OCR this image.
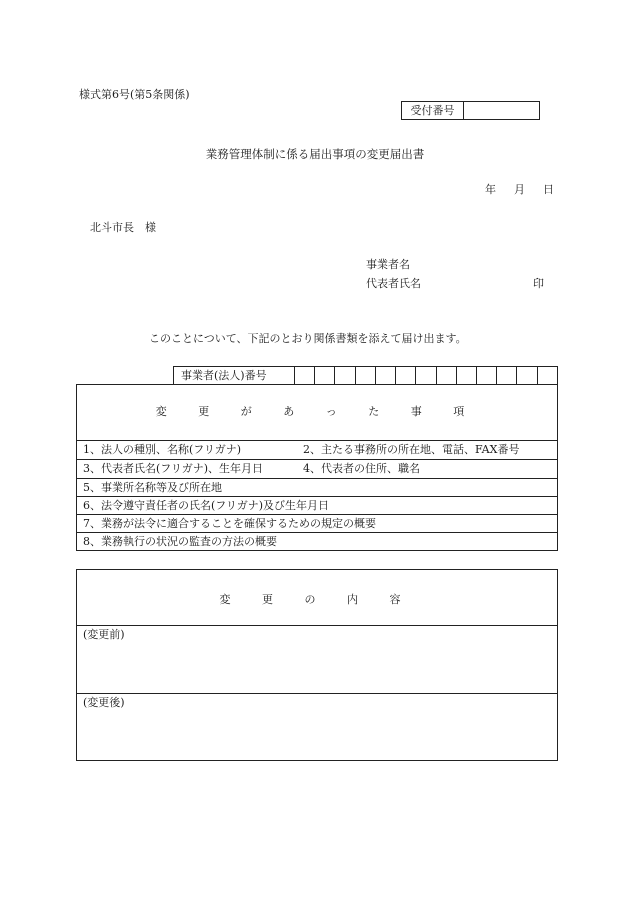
様式第6号(第5条関係)
受付番号
業務管理体制に係る届出事項の変更届出書
年 月 日
北斗市長　様
事業者名
代表者氏名	印
このことについて、下記のとおり関係書類を添えて届け出ます。
事業者(法人)番号
変 更 が あ っ た 事 項
1、法人の種別、名称(フリガナ)	2、主たる事務所の所在地、電話、FAX番号
3、代表者氏名(フリガナ)、生年月日	4、代表者の住所、職名
5、事業所名称等及び所在地
6、法令遵守責任者の氏名(フリガナ)及び生年月日
7、業務が法令に適合することを確保するための規定の概要
8、業務執行の状況の監査の方法の概要
変 更 の 内 容
(変更前)
(変更後)
